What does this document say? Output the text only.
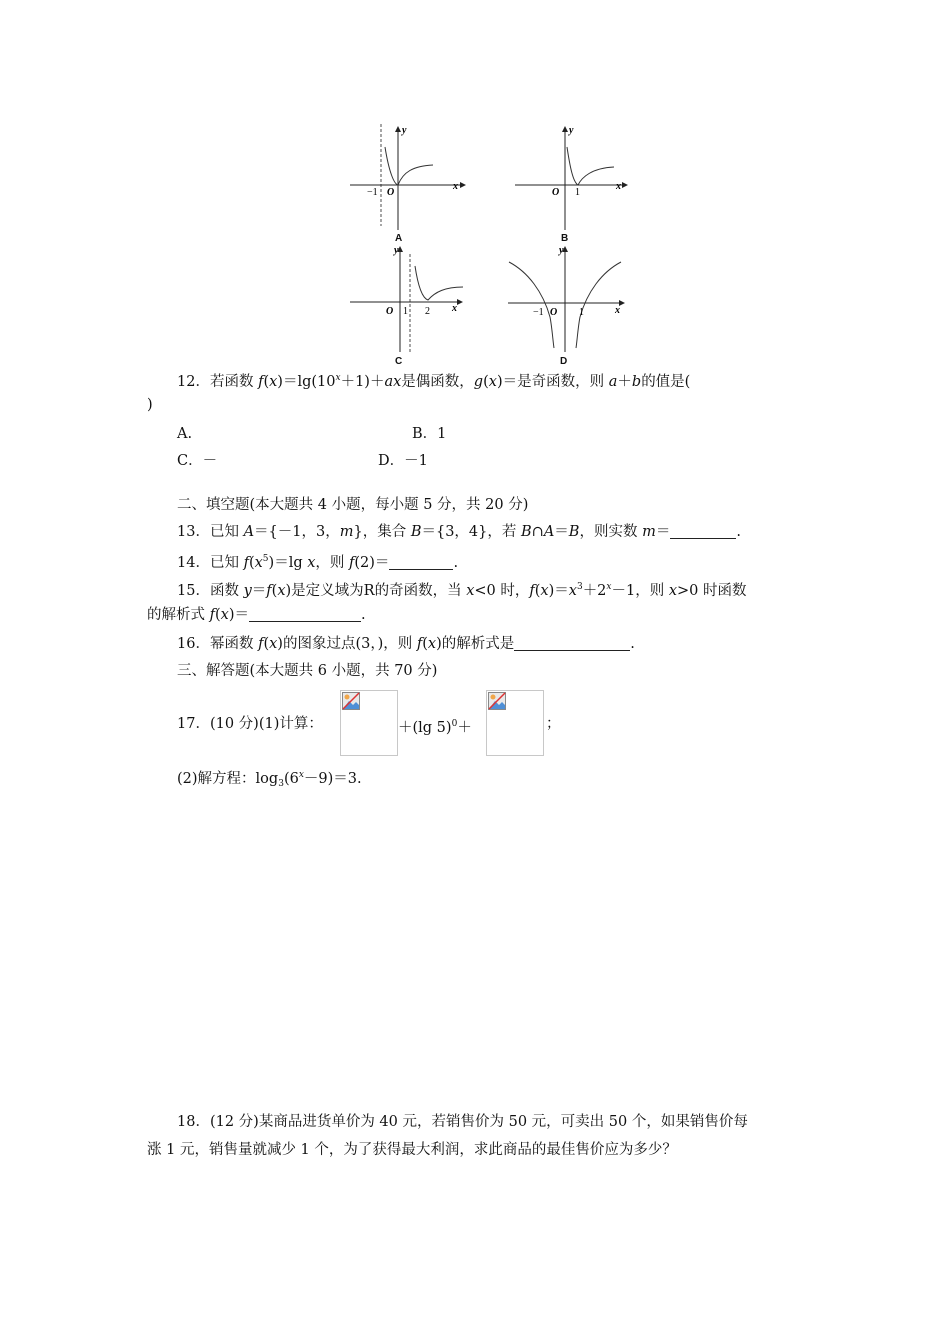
y
x
O
−1
A
y
x
O 1
B
y
x
O 1 2
C
y
x
−1 O 1
D
12．若函数 $f(x)=\lg(10^x+1)+ax$是偶函数，g(x)＝是奇函数，则 a＋b的值是(
)
A.	B．1
C．－	D．－1
二、填空题(本大题共 4 小题，每小题 5 分，共 20 分)
13．已知 A＝{－1，3，m}，集合 B＝{3，4}，若 B∩A＝B，则实数 m＝	.
14．已知 $f(x^5)=\lg$ x，则 f(2)＝	.
15．函数 y＝f(x)是定义域为R的奇函数，当 x<0 时，$f(x)=x^3+2^x-1$，则 x>0 时函数
的解析式 f(x)＝	.
16．幂函数 f(x)的图象过点(3，)，则 f(x)的解析式是	.
三、解答题(本大题共 6 小题，共 70 分)
17．(10 分)(1)计算：	＋(lg 5)$^0$＋	；
(2)解方程：$\log_3(6^x-9)=3$.
18．(12 分)某商品进货单价为 40 元，若销售价为 50 元，可卖出 50 个，如果销售价每
涨 1 元，销售量就减少 1 个，为了获得最大利润，求此商品的最佳售价应为多少？
